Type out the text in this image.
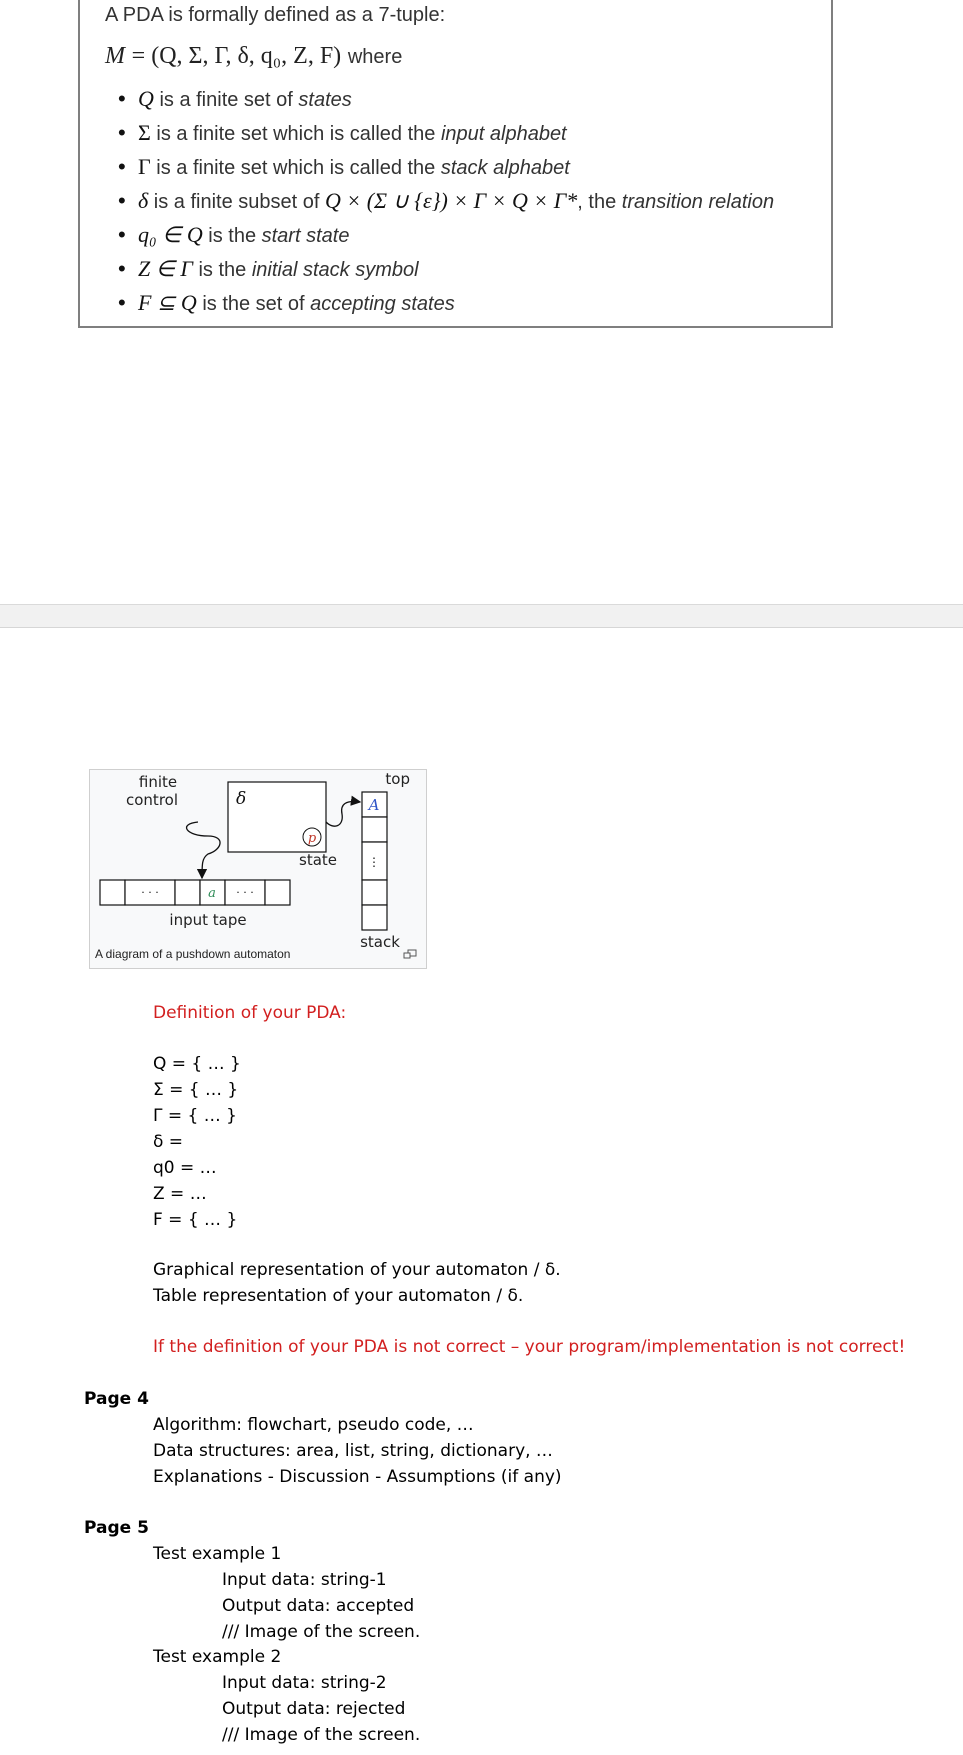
A PDA is formally defined as a 7-tuple:
M = (Q, Σ, Γ, δ, q₀, Z, F) where
• Q is a finite set of states
• Σ is a finite set which is called the input alphabet
• Γ is a finite set which is called the stack alphabet
• δ is a finite subset of Q × (Σ ∪ {ε}) × Γ × Q × Γ*, the transition relation
• q₀ ∈ Q is the start state
• Z ∈ Γ is the initial stack symbol
• F ⊆ Q is the set of accepting states
finite
control	δ
p
state
· · ·	a · · ·
input tape
top
A
⋮
stack
A diagram of a pushdown automaton
Definition of your PDA:
Q = { … }
Σ = { … }
Γ = { … }
δ =
q0 = …
Z = …
F = { … }
Graphical representation of your automaton / δ.
Table representation of your automaton / δ.
If the definition of your PDA is not correct – your program/implementation is not correct!
Page 4
Algorithm: flowchart, pseudo code, …
Data structures: area, list, string, dictionary, …
Explanations - Discussion - Assumptions (if any)
Page 5
Test example 1
Input data: string-1
Output data: accepted
/// Image of the screen.
Test example 2
Input data: string-2
Output data: rejected
/// Image of the screen.
